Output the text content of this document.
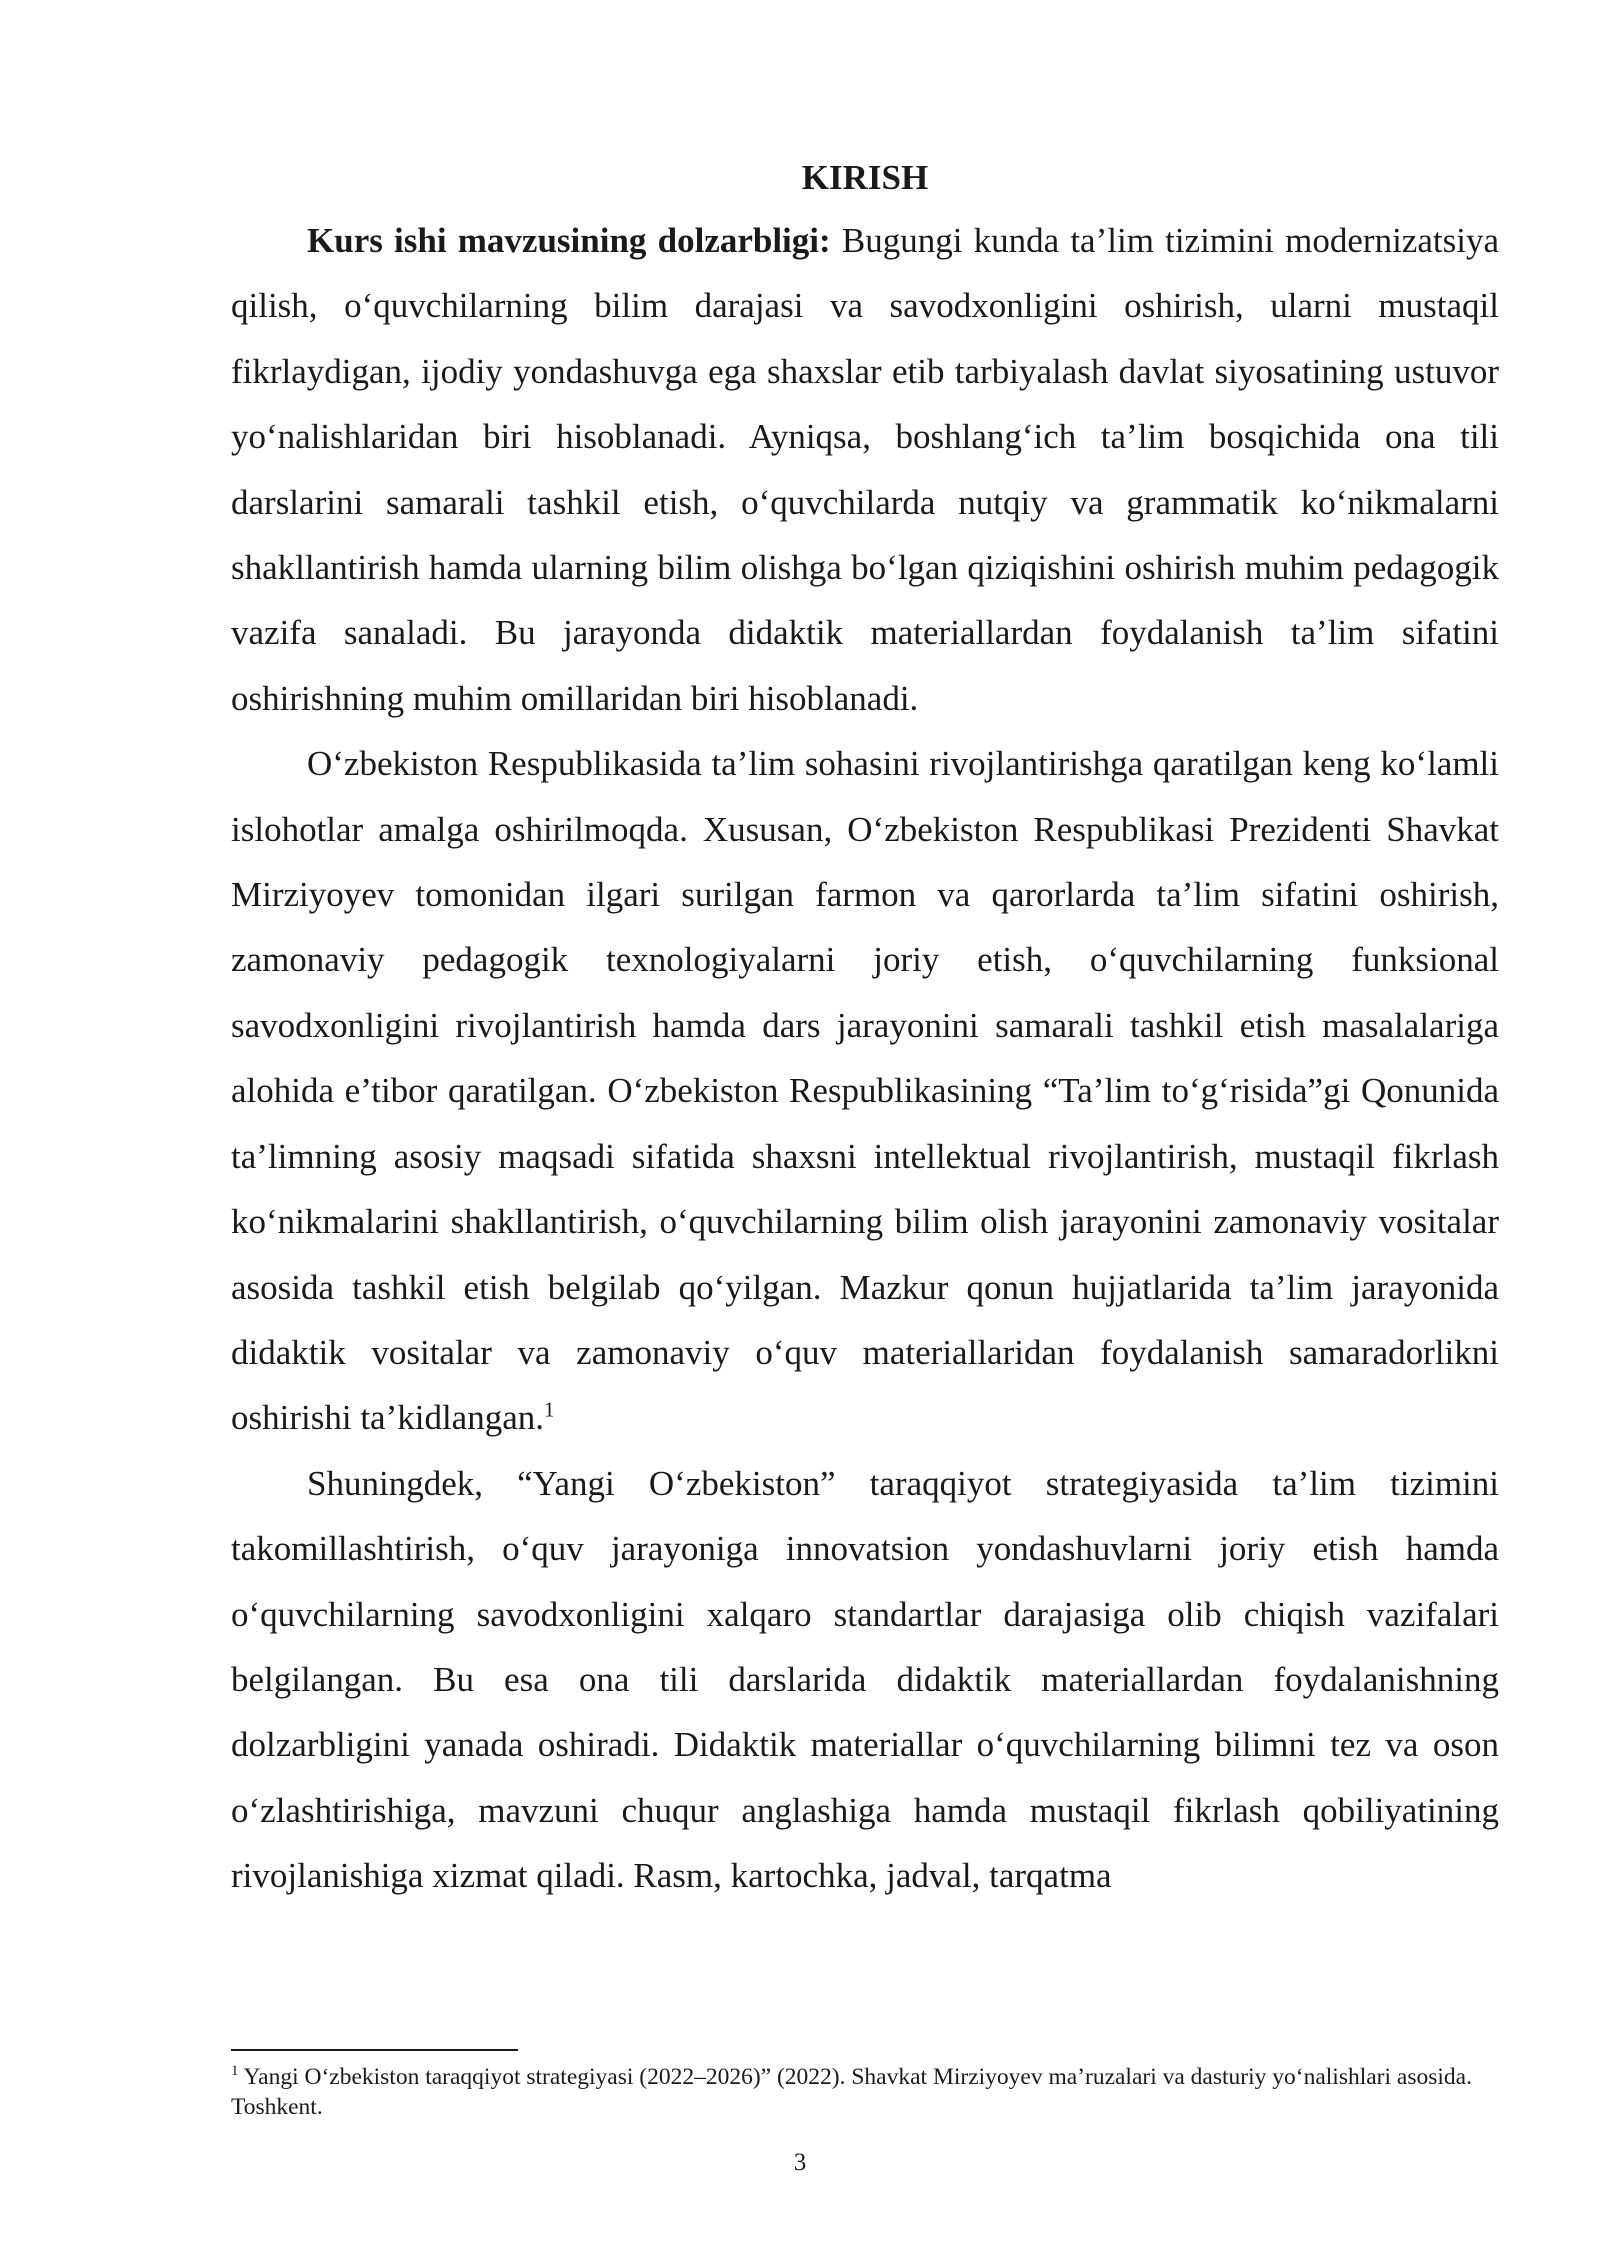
KIRISH

Kurs ishi mavzusining dolzarbligi: Bugungi kunda ta’lim tizimini modernizatsiya qilish, o‘quvchilarning bilim darajasi va savodxonligini oshirish, ularni mustaqil fikrlaydigan, ijodiy yondashuvga ega shaxslar etib tarbiyalash davlat siyosatining ustuvor yo‘nalishlaridan biri hisoblanadi. Ayniqsa, boshlang‘ich ta’lim bosqichida ona tili darslarini samarali tashkil etish, o‘quvchilarda nutqiy va grammatik ko‘nikmalarni shakllantirish hamda ularning bilim olishga bo‘lgan qiziqishini oshirish muhim pedagogik vazifa sanaladi. Bu jarayonda didaktik materiallardan foydalanish ta’lim sifatini oshirishning muhim omillaridan biri hisoblanadi.

O‘zbekiston Respublikasida ta’lim sohasini rivojlantirishga qaratilgan keng ko‘lamli islohotlar amalga oshirilmoqda. Xususan, O‘zbekiston Respublikasi Prezidenti Shavkat Mirziyoyev tomonidan ilgari surilgan farmon va qarorlarda ta’lim sifatini oshirish, zamonaviy pedagogik texnologiyalarni joriy etish, o‘quvchilarning funksional savodxonligini rivojlantirish hamda dars jarayonini samarali tashkil etish masalalariga alohida e’tibor qaratilgan. O‘zbekiston Respublikasining “Ta’lim to‘g‘risida”gi Qonunida ta’limning asosiy maqsadi sifatida shaxsni intellektual rivojlantirish, mustaqil fikrlash ko‘nikmalarini shakllantirish, o‘quvchilarning bilim olish jarayonini zamonaviy vositalar asosida tashkil etish belgilab qo‘yilgan. Mazkur qonun hujjatlarida ta’lim jarayonida didaktik vositalar va zamonaviy o‘quv materiallaridan foydalanish samaradorlikni oshirishi ta’kidlangan.$^1$

Shuningdek, “Yangi O‘zbekiston” taraqqiyot strategiyasida ta’lim tizimini takomillashtirish, o‘quv jarayoniga innovatsion yondashuvlarni joriy etish hamda o‘quvchilarning savodxonligini xalqaro standartlar darajasiga olib chiqish vazifalari belgilangan. Bu esa ona tili darslarida didaktik materiallardan foydalanishning dolzarbligini yanada oshiradi. Didaktik materiallar o‘quvchilarning bilimni tez va oson o‘zlashtirishiga, mavzuni chuqur anglashiga hamda mustaqil fikrlash qobiliyatining rivojlanishiga xizmat qiladi. Rasm, kartochka, jadval, tarqatma

$^1$ Yangi O‘zbekiston taraqqiyot strategiyasi (2022–2026)” (2022). Shavkat Mirziyoyev ma’ruzalari va dasturiy yo‘nalishlari asosida. Toshkent.

3
